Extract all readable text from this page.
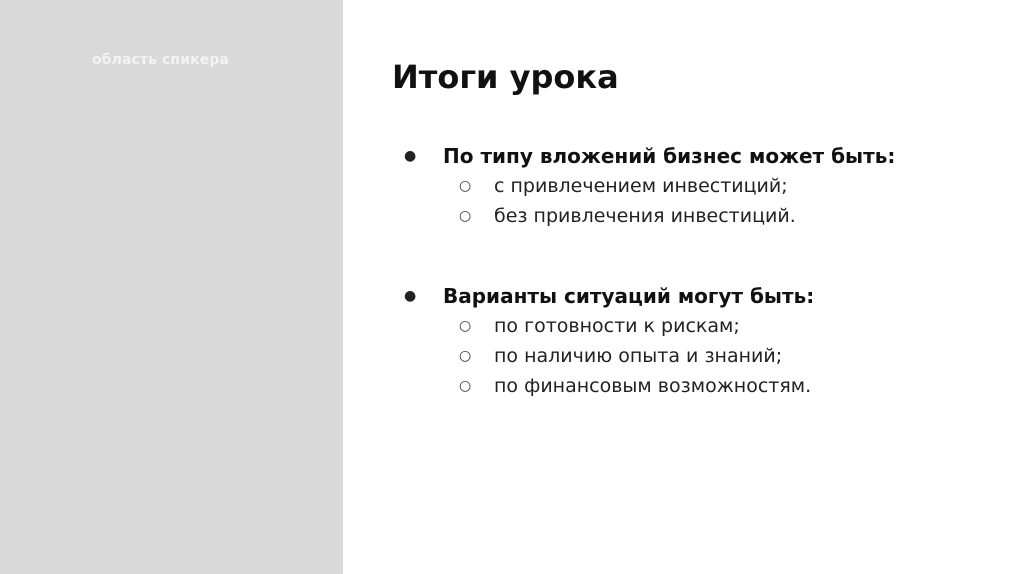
область спикера	Итоги урока
● По типу вложений бизнес может быть:
○ с привлечением инвестиций;
○ без привлечения инвестиций.
● Варианты ситуаций могут быть:
○ по готовности к рискам;
○ по наличию опыта и знаний;
○ по финансовым возможностям.
